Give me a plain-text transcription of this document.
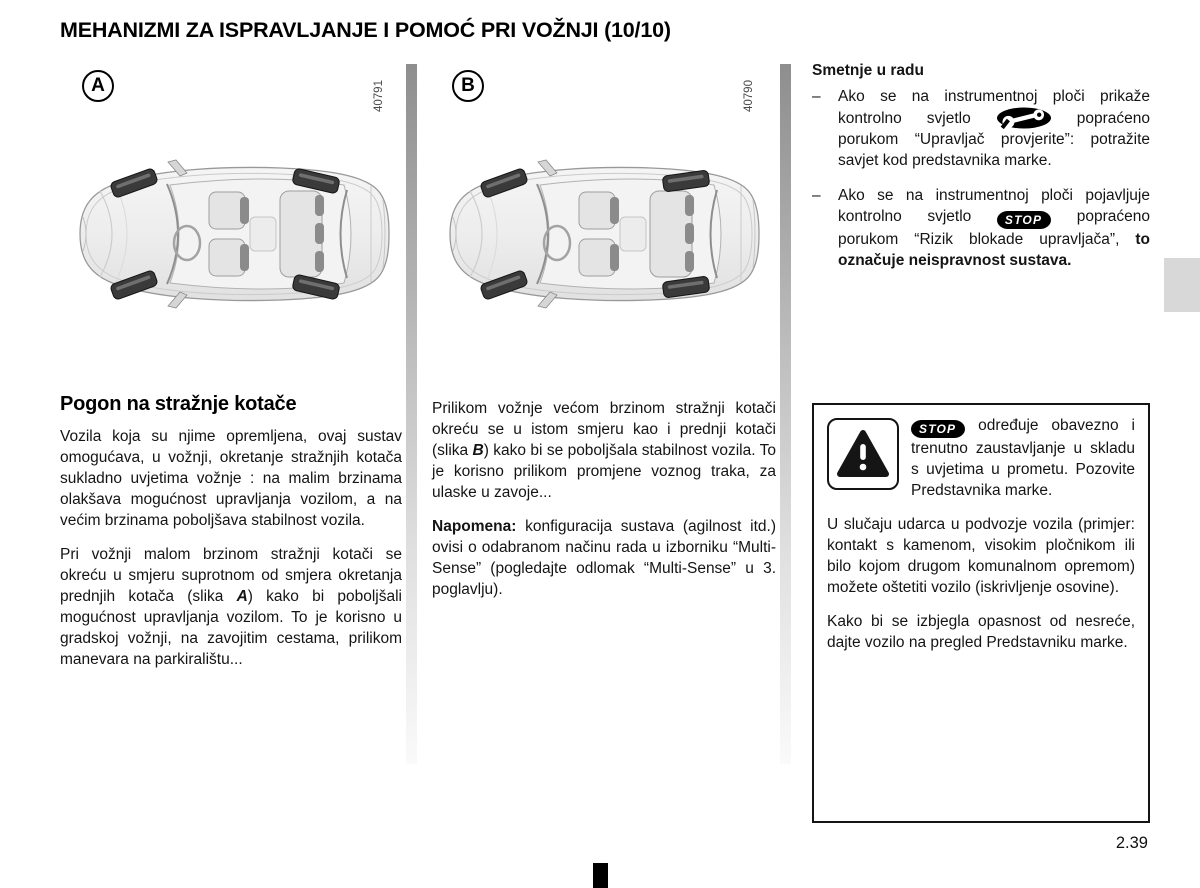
MEHANIZMI ZA ISPRAVLJANJE I POMOĆ PRI VOŽNJI (10/10)
A	40791	B	40790
Pogon na stražnje kotače

Vozila koja su njime opremljena, ovaj sustav omogućava, u vožnji, okretanje stražnjih kotača sukladno uvjetima vožnje : na malim brzinama olakšava mogućnost upravljanja vozilom, a na većim brzinama poboljšava stabilnost vozila.

Pri vožnji malom brzinom stražnji kotači se okreću u smjeru suprotnom od smjera okretanja prednjih kotača (slika A) kako bi poboljšali mogućnost upravljanja vozilom. To je korisno u gradskoj vožnji, na zavojitim cestama, prilikom manevara na parkiralištu...

Prilikom vožnje većom brzinom stražnji kotači okreću se u istom smjeru kao i prednji kotači (slika B) kako bi se poboljšala stabilnost vozila. To je korisno prilikom promjene voznog traka, za ulaske u zavoje...

Napomena: konfiguracija sustava (agilnost itd.) ovisi o odabranom načinu rada u izborniku “Multi-Sense” (pogledajte odlomak “Multi-Sense” u 3. poglavlju).

Smetnje u radu
–	Ako se na instrumentnoj ploči prikaže kontrolno svjetlo	popraćeno porukom “Upravljač provjerite”: potražite savjet kod predstavnika marke.
–	Ako se na instrumentnoj ploči pojavljuje kontrolno svjetlo STOP popraćeno porukom “Rizik blokade upravljača”, to označuje neispravnost sustava.

STOP određuje obavezno i trenutno zaustavljanje u skladu s uvjetima u prometu. Pozovite Predstavnika marke.

U slučaju udarca u podvozje vozila (primjer: kontakt s kamenom, visokim pločnikom ili bilo kojom drugom komunalnom opremom) možete oštetiti vozilo (iskrivljenje osovine).

Kako bi se izbjegla opasnost od nesreće, dajte vozilo na pregled Predstavniku marke.

2.39
